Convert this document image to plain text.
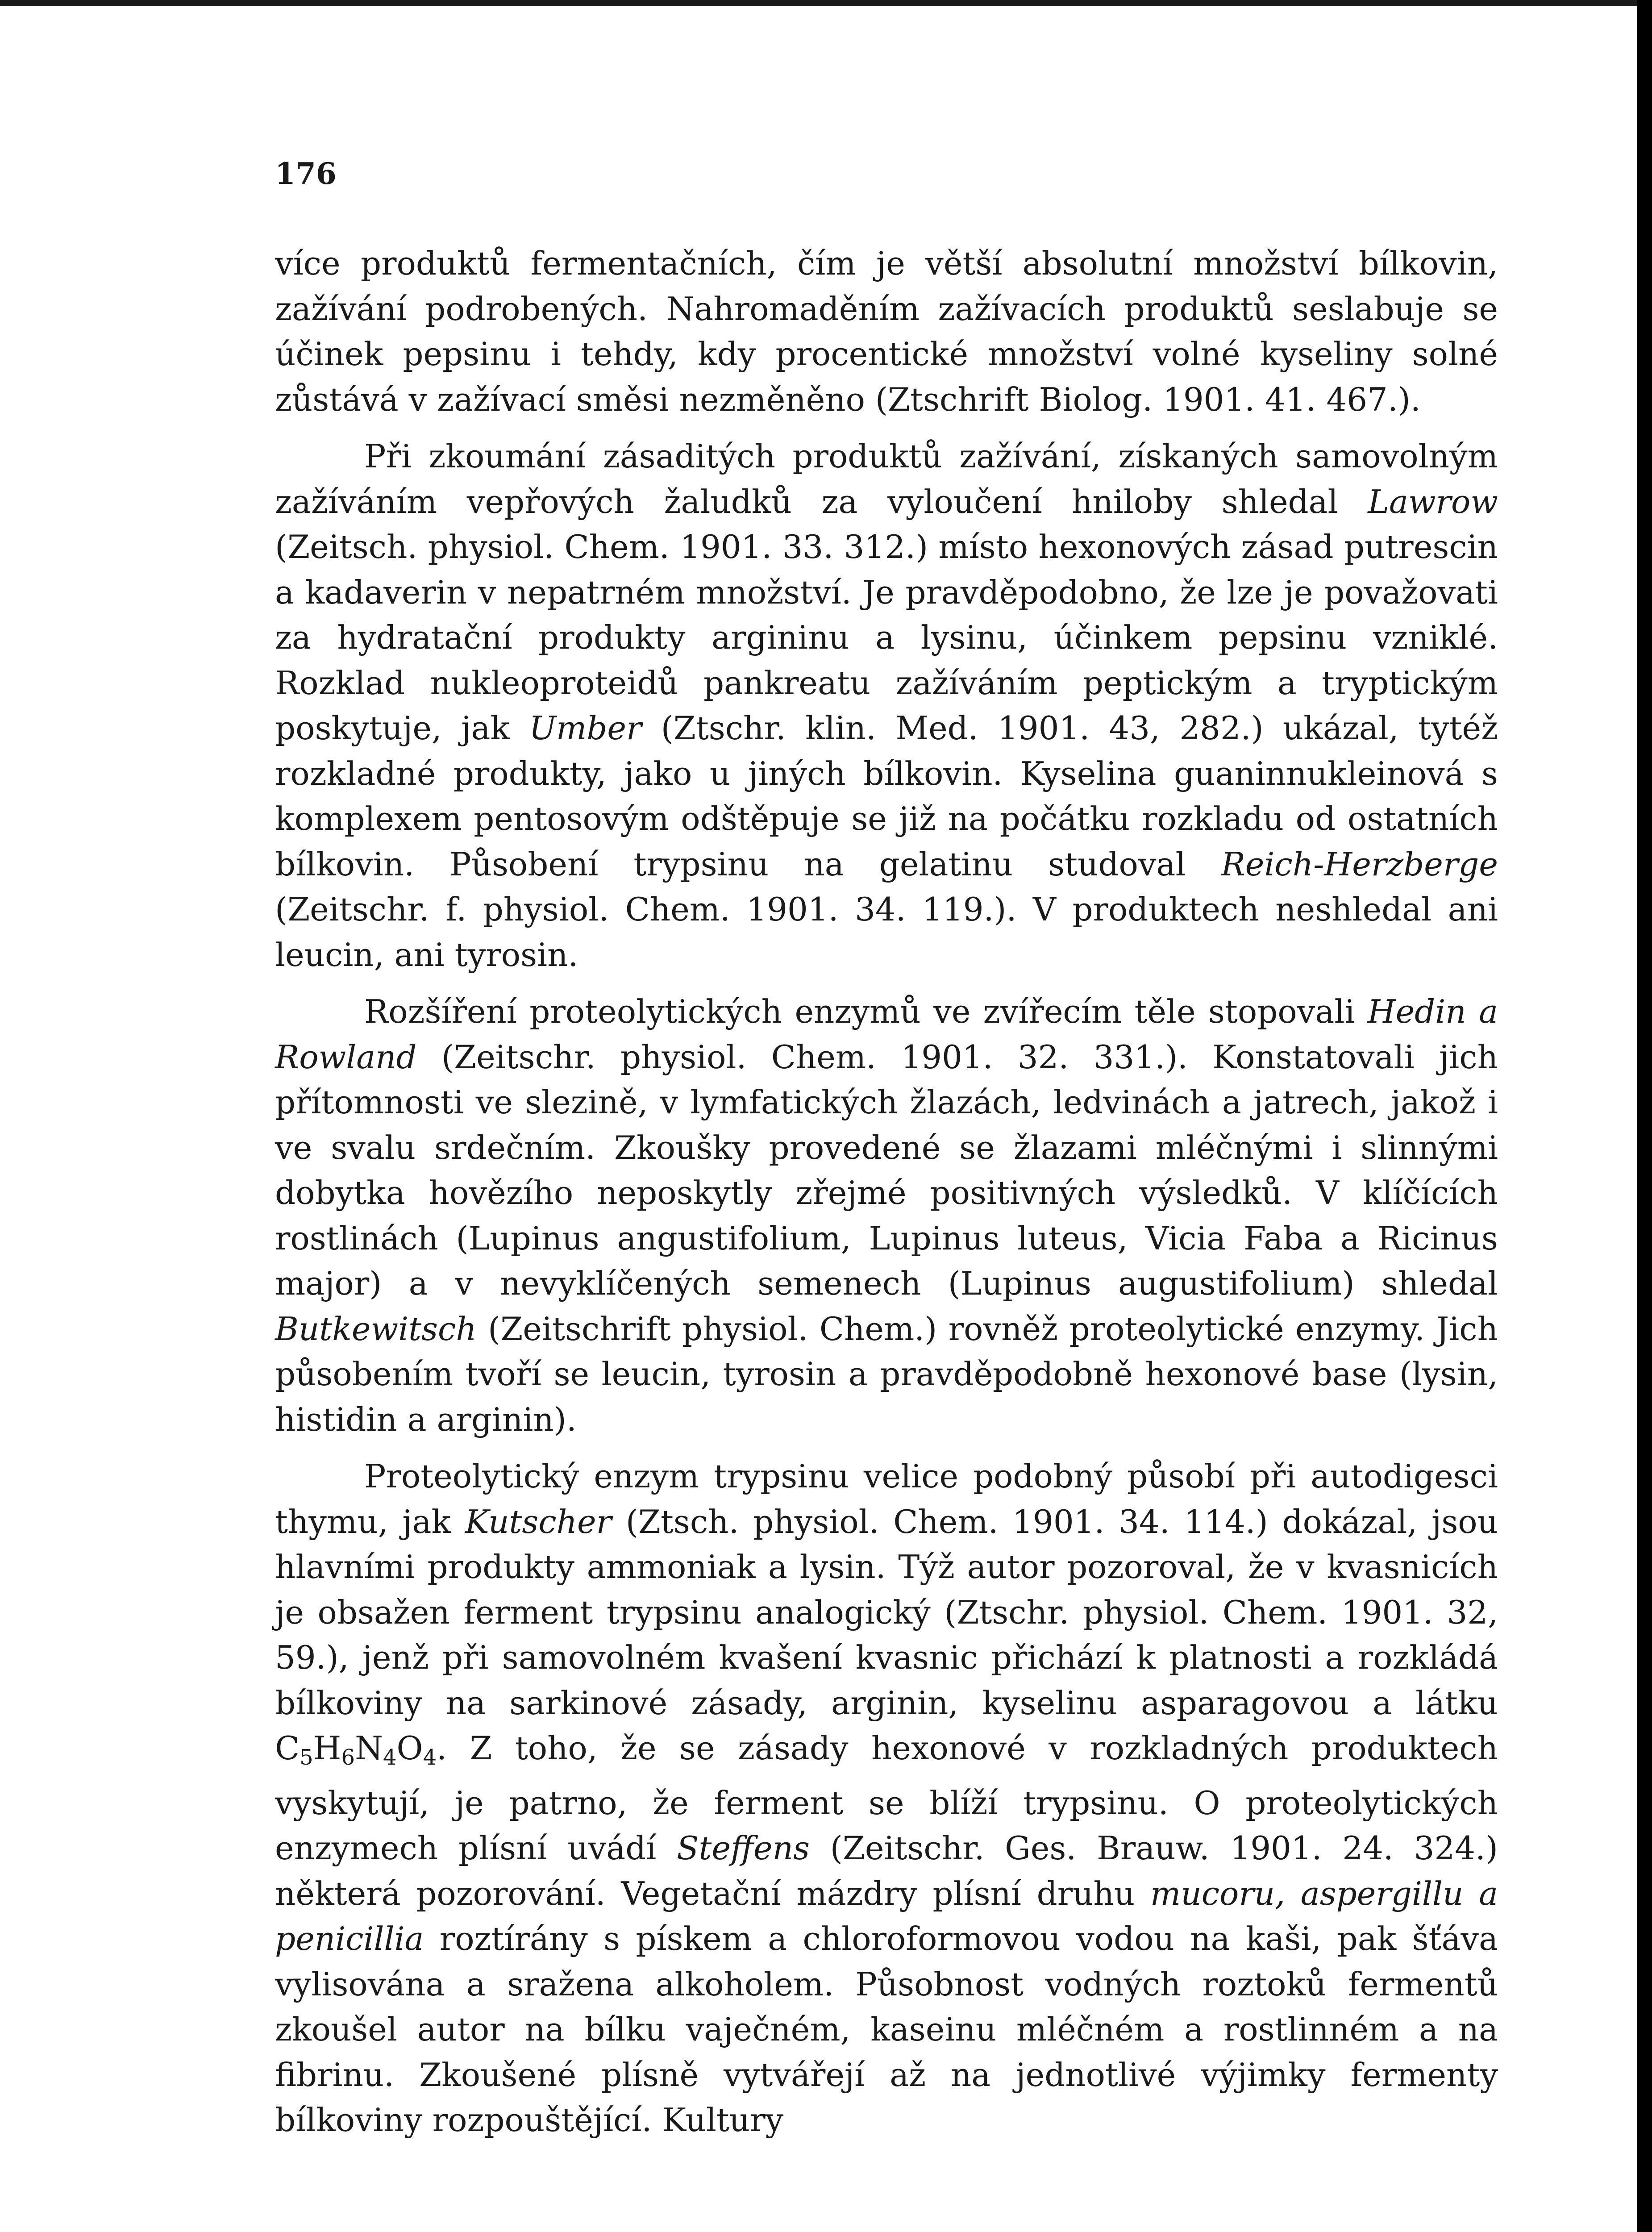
176

více produktů fermentačních, čím je větší absolutní množství bílkovin, zažívání podrobených. Nahromaděním zažívacích produktů seslabuje se účinek pepsinu i tehdy, kdy procentické množství volné kyseliny solné zůstává v zažívací směsi nezměněno (Ztschrift Biolog. 1901. 41. 467.).

Při zkoumání zásaditých produktů zažívání, získaných samovolným zažíváním vepřových žaludků za vyloučení hniloby shledal Lawrow (Zeitsch. physiol. Chem. 1901. 33. 312.) místo hexonových zásad putrescin a kadaverin v nepatrném množství. Je pravděpodobno, že lze je považovati za hydratační produkty argininu a lysinu, účinkem pepsinu vzniklé. Rozklad nukleoproteidů pankreatu zažíváním peptickým a tryptickým poskytuje, jak Umber (Ztschr. klin. Med. 1901. 43, 282.) ukázal, tytéž rozkladné produkty, jako u jiných bílkovin. Kyselina guaninnukleinová s komplexem pentosovým odštěpuje se již na počátku rozkladu od ostatních bílkovin. Působení trypsinu na gelatinu studoval Reich-Herzberge (Zeitschr. f. physiol. Chem. 1901. 34. 119.). V produktech neshledal ani leucin, ani tyrosin.

Rozšíření proteolytických enzymů ve zvířecím těle stopovali Hedin a Rowland (Zeitschr. physiol. Chem. 1901. 32. 331.). Konstatovali jich přítomnosti ve slezině, v lymfatických žlazách, ledvinách a jatrech, jakož i ve svalu srdečním. Zkoušky provedené se žlazami mléčnými i slinnými dobytka hovězího neposkytly zřejmé positivných výsledků. V klíčících rostlinách (Lupinus angustifolium, Lupinus luteus, Vicia Faba a Ricinus major) a v nevyklíčených semenech (Lupinus augustifolium) shledal Butkewitsch (Zeitschrift physiol. Chem.) rovněž proteolytické enzymy. Jich působením tvoří se leucin, tyrosin a pravděpodobně hexonové base (lysin, histidin a arginin).

Proteolytický enzym trypsinu velice podobný působí při autodigesci thymu, jak Kutscher (Ztsch. physiol. Chem. 1901. 34. 114.) dokázal, jsou hlavními produkty ammoniak a lysin. Týž autor pozoroval, že v kvasnicích je obsažen ferment trypsinu analogický (Ztschr. physiol. Chem. 1901. 32, 59.), jenž při samovolném kvašení kvasnic přichází k platnosti a rozkládá bílkoviny na sarkinové zásady, arginin, kyselinu asparagovou a látku $C_5H_6N_4O_4$. Z toho, že se zásady hexonové v rozkladných produktech vyskytují, je patrno, že ferment se blíží trypsinu. O proteolytických enzymech plísní uvádí Steffens (Zeitschr. Ges. Brauw. 1901. 24. 324.) některá pozorování. Vegetační mázdry plísní druhu mucoru, aspergillu a penicillia roztírány s pískem a chloroformovou vodou na kaši, pak šťáva vylisována a sražena alkoholem. Působnost vodných roztoků fermentů zkoušel autor na bílku vaječném, kaseinu mléčném a rostlinném a na fibrinu. Zkoušené plísně vytvářejí až na jednotlivé výjimky fermenty bílkoviny rozpouštějící. Kultury
